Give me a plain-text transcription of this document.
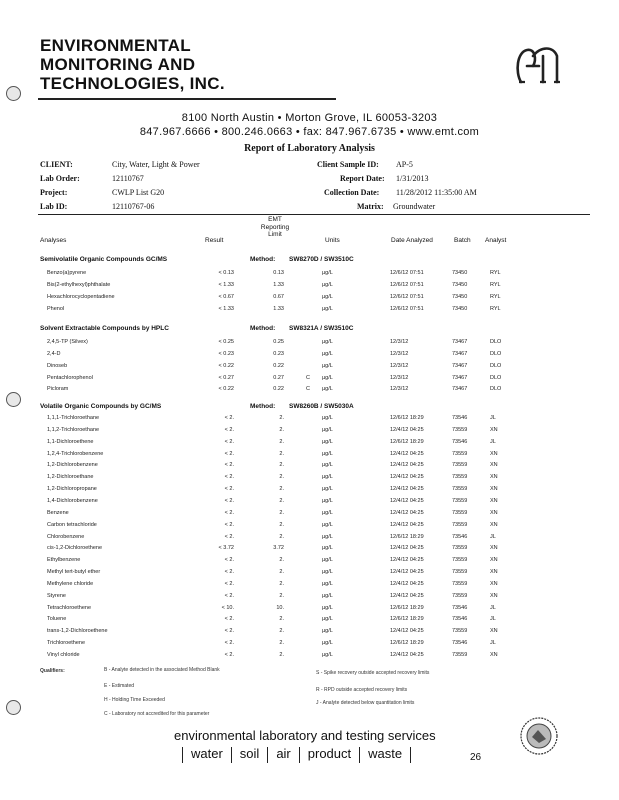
ENVIRONMENTAL
MONITORING AND
TECHNOLOGIES, INC.
8100 North Austin • Morton Grove, IL 60053-3203
847.967.6666 • 800.246.0663 • fax: 847.967.6735 • www.emt.com
Report of Laboratory Analysis
CLIENT:	City, Water, Light & Power	Client Sample ID: AP-5
Lab Order:	12110767	Report Date: 1/31/2013
Project:	CWLP List G20	Collection Date: 11/28/2012 11:35:00 AM
Lab ID:	12110767-06	Matrix: Groundwater
EMT
Reporting
Limit
Analyses	Result	Units	Date Analyzed	Batch Analyst
Semivolatile Organic Compounds GC/MS	Method: SW8270D / SW3510C
Benzo(a)pyrene	< 0.13	0.13	µg/L	12/6/12 07:51	73450	RYL
Bis(2-ethylhexyl)phthalate	< 1.33	1.33	µg/L	12/6/12 07:51	73450	RYL
Hexachlorocyclopentadiene	< 0.67	0.67	µg/L	12/6/12 07:51	73450	RYL
Phenol	< 1.33	1.33	µg/L	12/6/12 07:51	73450	RYL
Solvent Extractable Compounds by HPLC	Method: SW8321A / SW3510C
2,4,5-TP (Silvex)	< 0.25	0.25	µg/L	12/3/12	73467	DLO
2,4-D	< 0.23	0.23	µg/L	12/3/12	73467	DLO
Dinoseb	< 0.22	0.22	µg/L	12/3/12	73467	DLO
Pentachlorophenol	< 0.27	0.27	C µg/L	12/3/12	73467	DLO
Picloram	< 0.22	0.22	C µg/L	12/3/12	73467	DLO
Volatile Organic Compounds by GC/MS	Method: SW8260B / SW5030A
1,1,1-Trichloroethane	< 2.	2.	µg/L	12/6/12 18:29	73546	JL
1,1,2-Trichloroethane	< 2.	2.	µg/L	12/4/12 04:25	73559	XN
1,1-Dichloroethene	< 2.	2.	µg/L	12/6/12 18:29	73546	JL
1,2,4-Trichlorobenzene	< 2.	2.	µg/L	12/4/12 04:25	73559	XN
1,2-Dichlorobenzene	< 2.	2.	µg/L	12/4/12 04:25	73559	XN
1,2-Dichloroethane	< 2.	2.	µg/L	12/4/12 04:25	73559	XN
1,2-Dichloropropane	< 2.	2.	µg/L	12/4/12 04:25	73559	XN
1,4-Dichlorobenzene	< 2.	2.	µg/L	12/4/12 04:25	73559	XN
Benzene	< 2.	2.	µg/L	12/4/12 04:25	73559	XN
Carbon tetrachloride	< 2.	2.	µg/L	12/4/12 04:25	73559	XN
Chlorobenzene	< 2.	2.	µg/L	12/6/12 18:29	73546	JL
cis-1,2-Dichloroethene	< 3.72	3.72	µg/L	12/4/12 04:25	73559	XN
Ethylbenzene	< 2.	2.	µg/L	12/4/12 04:25	73559	XN
Methyl tert-butyl ether	< 2.	2.	µg/L	12/4/12 04:25	73559	XN
Methylene chloride	< 2.	2.	µg/L	12/4/12 04:25	73559	XN
Styrene	< 2.	2.	µg/L	12/4/12 04:25	73559	XN
Tetrachloroethene	< 10.	10.	µg/L	12/6/12 18:29	73546	JL
Toluene	< 2.	2.	µg/L	12/6/12 18:29	73546	JL
trans-1,2-Dichloroethene	< 2.	2.	µg/L	12/4/12 04:25	73559	XN
Trichloroethene	< 2.	2.	µg/L	12/6/12 18:29	73546	JL
Vinyl chloride	< 2.	2.	µg/L	12/4/12 04:25	73559	XN
Qualifiers:	B - Analyte detected in the associated Method Blank
E - Estimated
H - Holding Time Exceeded
C - Laboratory not accredited for this parameter
S - Spike recovery outside accepted recovery limits
R - RPD outside accepted recovery limits
J - Analyte detected below quantitation limits
environmental laboratory and testing services
water soil air product waste	26
